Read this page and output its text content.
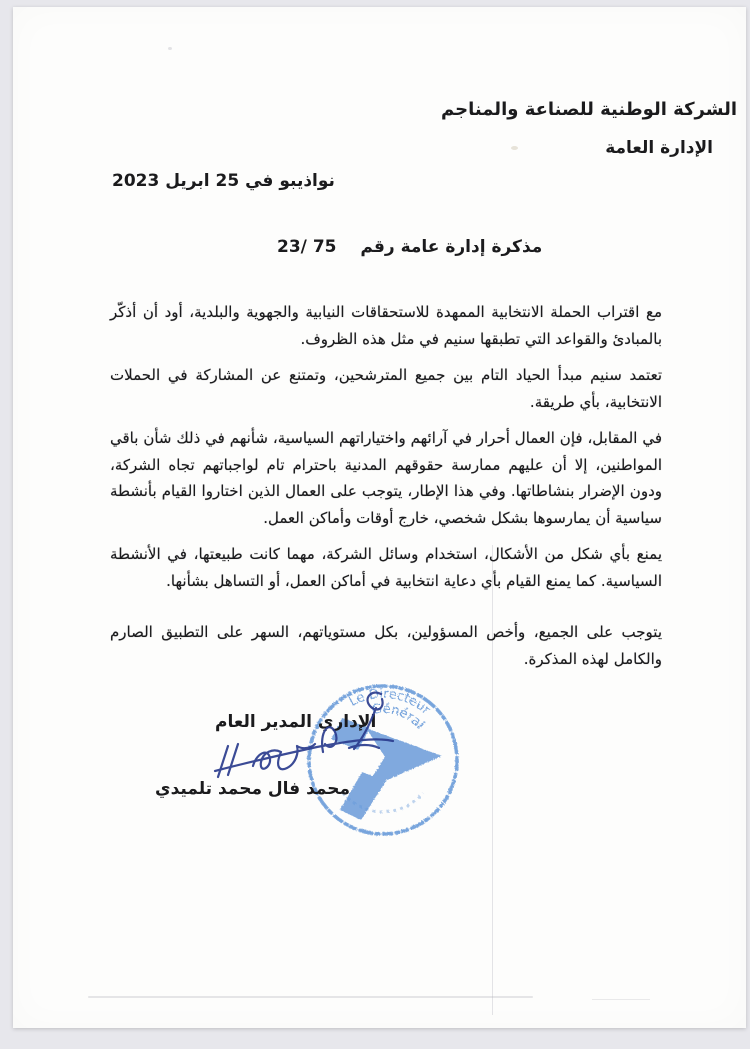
الشركة الوطنية للصناعة والمناجم
الإدارة العامة
نواذيبو في 25 ابريل 2023
مذكرة إدارة عامة رقم 75 /23

مع اقتراب الحملة الانتخابية الممهدة للاستحقاقات النيابية والجهوية والبلدية، أود أن أذكّر بالمبادئ والقواعد التي تطبقها سنيم في مثل هذه الظروف.

تعتمد سنيم مبدأ الحياد التام بين جميع المترشحين، وتمتنع عن المشاركة في الحملات الانتخابية، بأي طريقة.

في المقابل، فإن العمال أحرار في آرائهم واختياراتهم السياسية، شأنهم في ذلك شأن باقي المواطنين، إلا أن عليهم ممارسة حقوقهم المدنية باحترام تام لواجباتهم تجاه الشركة، ودون الإضرار بنشاطاتها. وفي هذا الإطار، يتوجب على العمال الذين اختاروا القيام بأنشطة سياسية أن يمارسوها بشكل شخصي، خارج أوقات وأماكن العمل.

يمنع بأي شكل من الأشكال، استخدام وسائل الشركة، مهما كانت طبيعتها، في الأنشطة السياسية. كما يمنع القيام بأي دعاية انتخابية في أماكن العمل، أو التساهل بشأنها.

يتوجب على الجميع، وأخص المسؤولين، بكل مستوياتهم، السهر على التطبيق الصارم والكامل لهذه المذكرة.

الإداري المدير العام
محمد فال محمد تلميدي
Le Directeur
Général
